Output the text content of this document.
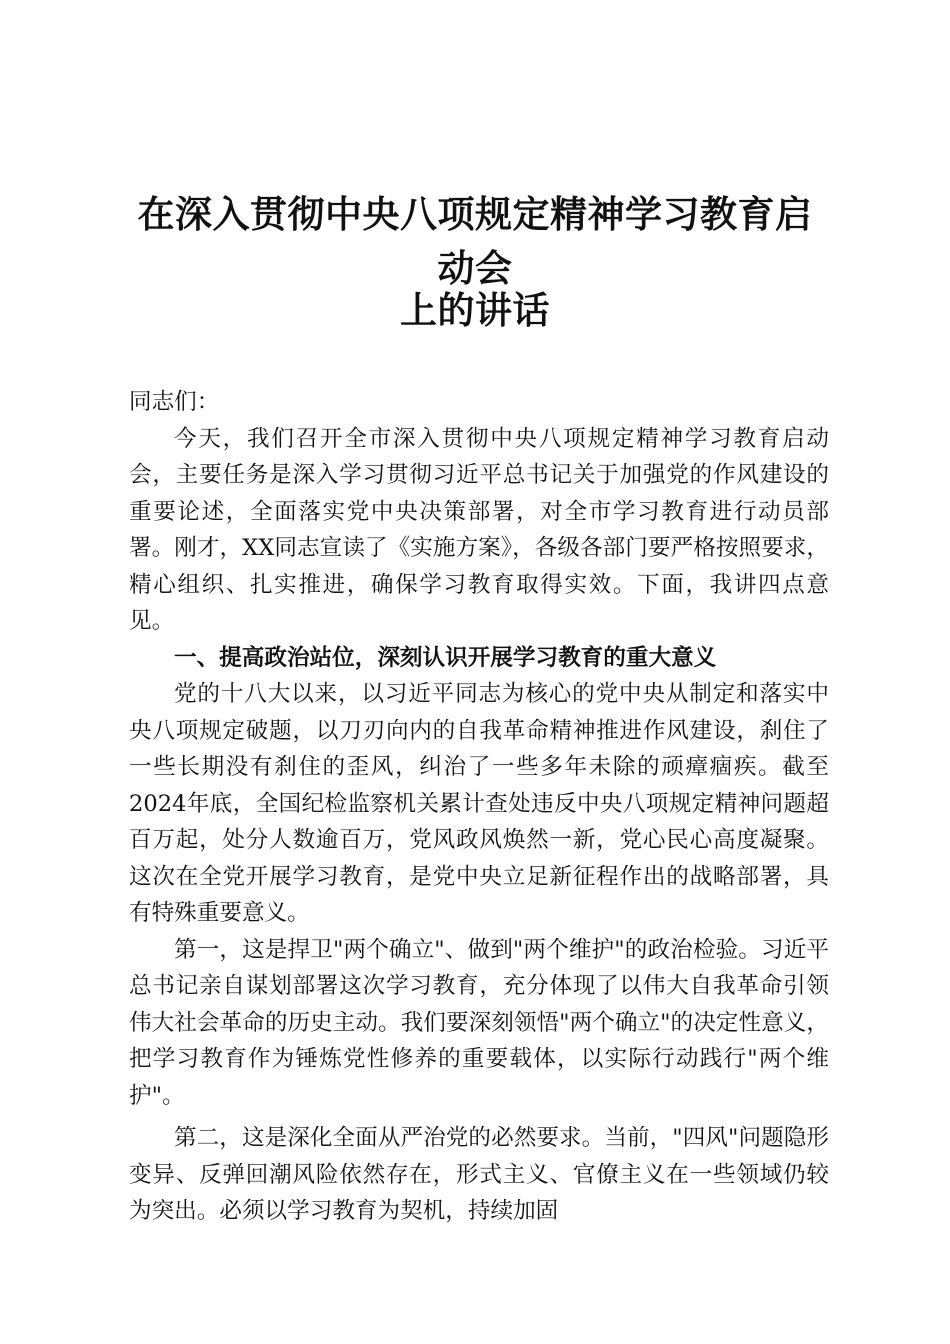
在深入贯彻中央八项规定精神学习教育启动会
上的讲话

同志们：

今天，我们召开全市深入贯彻中央八项规定精神学习教育启动会，主要任务是深入学习贯彻习近平总书记关于加强党的作风建设的重要论述，全面落实党中央决策部署，对全市学习教育进行动员部署。刚才，XX同志宣读了《实施方案》，各级各部门要严格按照要求，精心组织、扎实推进，确保学习教育取得实效。下面，我讲四点意见。

一、提高政治站位，深刻认识开展学习教育的重大意义

党的十八大以来，以习近平同志为核心的党中央从制定和落实中央八项规定破题，以刀刃向内的自我革命精神推进作风建设，刹住了一些长期没有刹住的歪风，纠治了一些多年未除的顽瘴痼疾。截至2024年底，全国纪检监察机关累计查处违反中央八项规定精神问题超百万起，处分人数逾百万，党风政风焕然一新，党心民心高度凝聚。这次在全党开展学习教育，是党中央立足新征程作出的战略部署，具有特殊重要意义。

第一，这是捍卫"两个确立"、做到"两个维护"的政治检验。习近平总书记亲自谋划部署这次学习教育，充分体现了以伟大自我革命引领伟大社会革命的历史主动。我们要深刻领悟"两个确立"的决定性意义，把学习教育作为锤炼党性修养的重要载体，以实际行动践行"两个维护"。

第二，这是深化全面从严治党的必然要求。当前，"四风"问题隐形变异、反弹回潮风险依然存在，形式主义、官僚主义在一些领域仍较为突出。必须以学习教育为契机，持续加固
